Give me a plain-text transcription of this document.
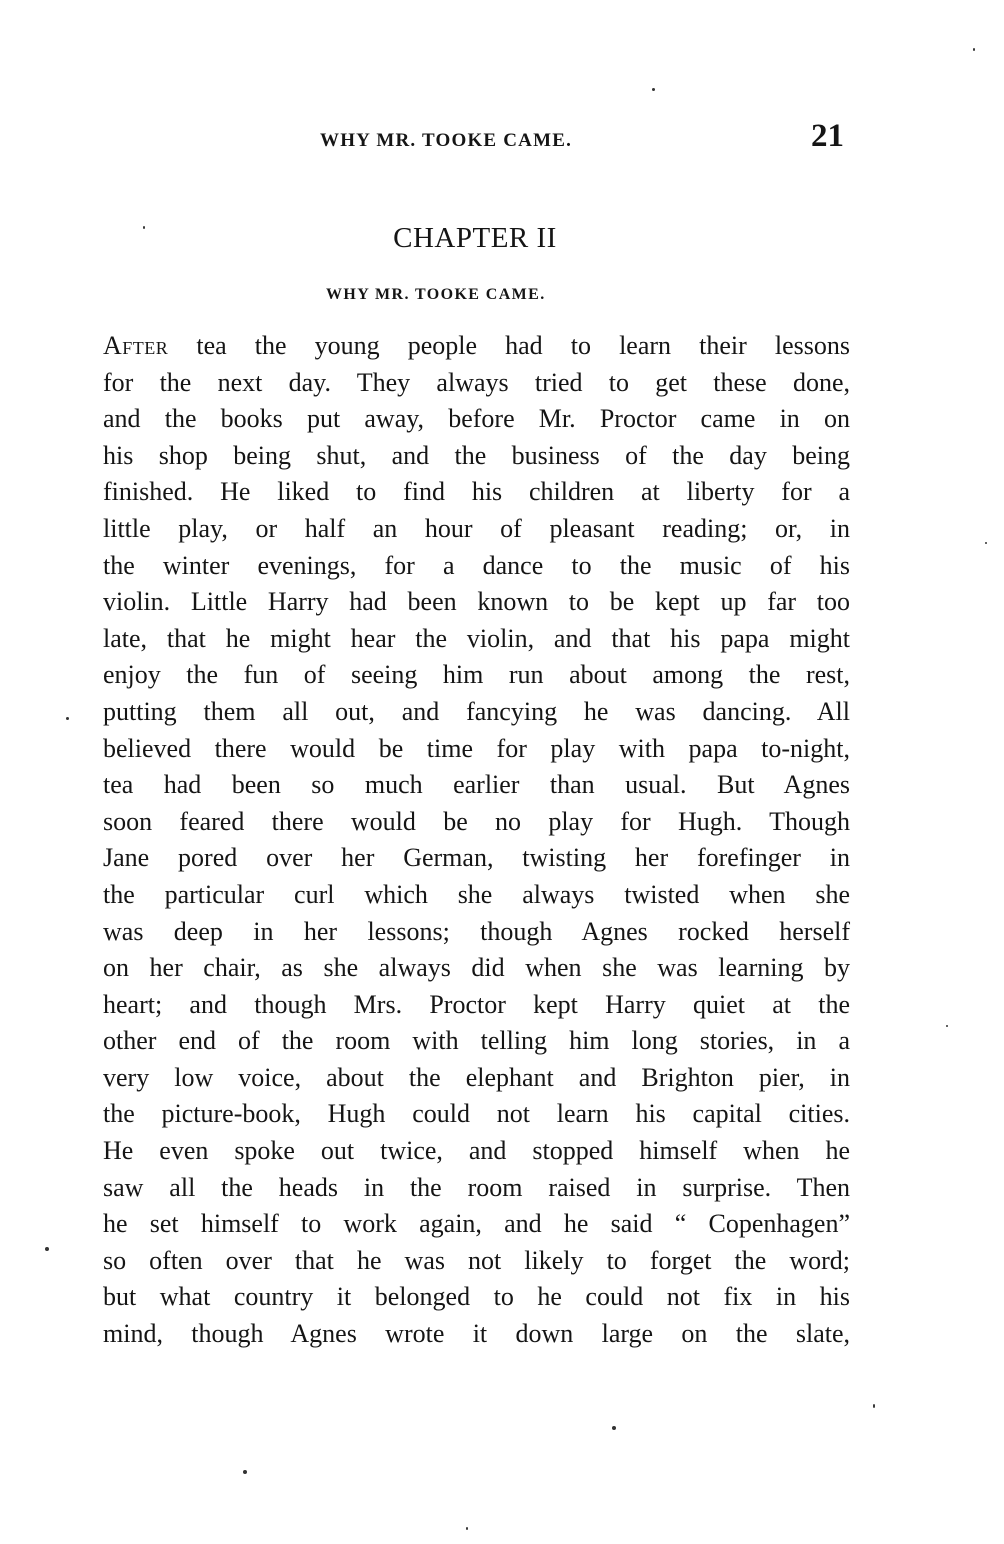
WHY MR. TOOKE CAME.	21
CHAPTER II
WHY MR. TOOKE CAME.
After tea the young people had to learn their lessons
for the next day. They always tried to get these done,
and the books put away, before Mr. Proctor came in on
his shop being shut, and the business of the day being
finished. He liked to find his children at liberty for a
little play, or half an hour of pleasant reading; or, in
the winter evenings, for a dance to the music of his
violin. Little Harry had been known to be kept up far too
late, that he might hear the violin, and that his papa might
enjoy the fun of seeing him run about among the rest,
putting them all out, and fancying he was dancing. All
believed there would be time for play with papa to-night,
tea had been so much earlier than usual. But Agnes
soon feared there would be no play for Hugh. Though
Jane pored over her German, twisting her forefinger in
the particular curl which she always twisted when she
was deep in her lessons; though Agnes rocked herself
on her chair, as she always did when she was learning by
heart; and though Mrs. Proctor kept Harry quiet at the
other end of the room with telling him long stories, in a
very low voice, about the elephant and Brighton pier, in
the picture-book, Hugh could not learn his capital cities.
He even spoke out twice, and stopped himself when he
saw all the heads in the room raised in surprise. Then
he set himself to work again, and he said “ Copenhagen”
so often over that he was not likely to forget the word;
but what country it belonged to he could not fix in his
mind, though Agnes wrote it down large on the slate,
